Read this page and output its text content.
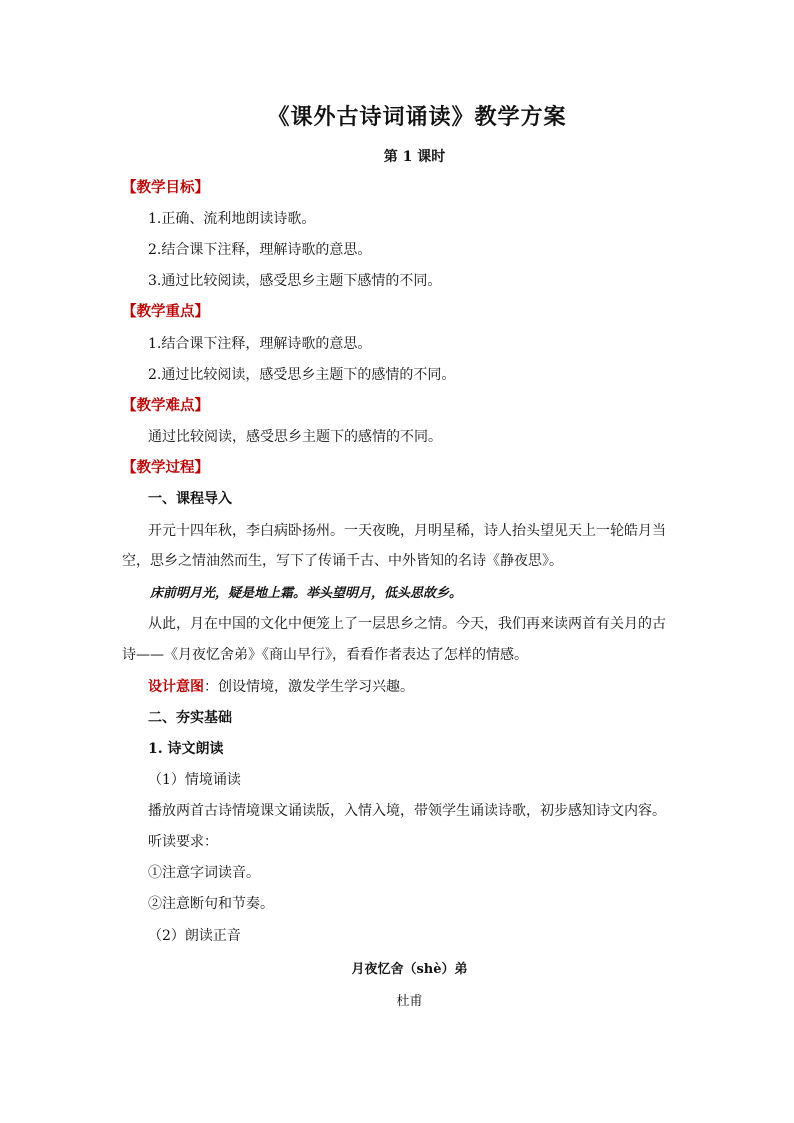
《课外古诗词诵读》教学方案
第 1 课时
【教学目标】
1.正确、流利地朗读诗歌。
2.结合课下注释，理解诗歌的意思。
3.通过比较阅读，感受思乡主题下感情的不同。
【教学重点】
1.结合课下注释，理解诗歌的意思。
2.通过比较阅读，感受思乡主题下的感情的不同。
【教学难点】
通过比较阅读，感受思乡主题下的感情的不同。
【教学过程】
一、课程导入
开元十四年秋，李白病卧扬州。一天夜晚，月明星稀，诗人抬头望见天上一轮皓月当
空，思乡之情油然而生，写下了传诵千古、中外皆知的名诗《静夜思》。
床前明月光，疑是地上霜。举头望明月，低头思故乡。
从此，月在中国的文化中便笼上了一层思乡之情。今天，我们再来读两首有关月的古
诗——《月夜忆舍弟》《商山早行》，看看作者表达了怎样的情感。
设计意图：创设情境，激发学生学习兴趣。
二、夯实基础
1. 诗文朗读
（1）情境诵读
播放两首古诗情境课文诵读版，入情入境，带领学生诵读诗歌，初步感知诗文内容。
听读要求：
①注意字词读音。
②注意断句和节奏。
（2）朗读正音
月夜忆舍（shè）弟
杜甫
